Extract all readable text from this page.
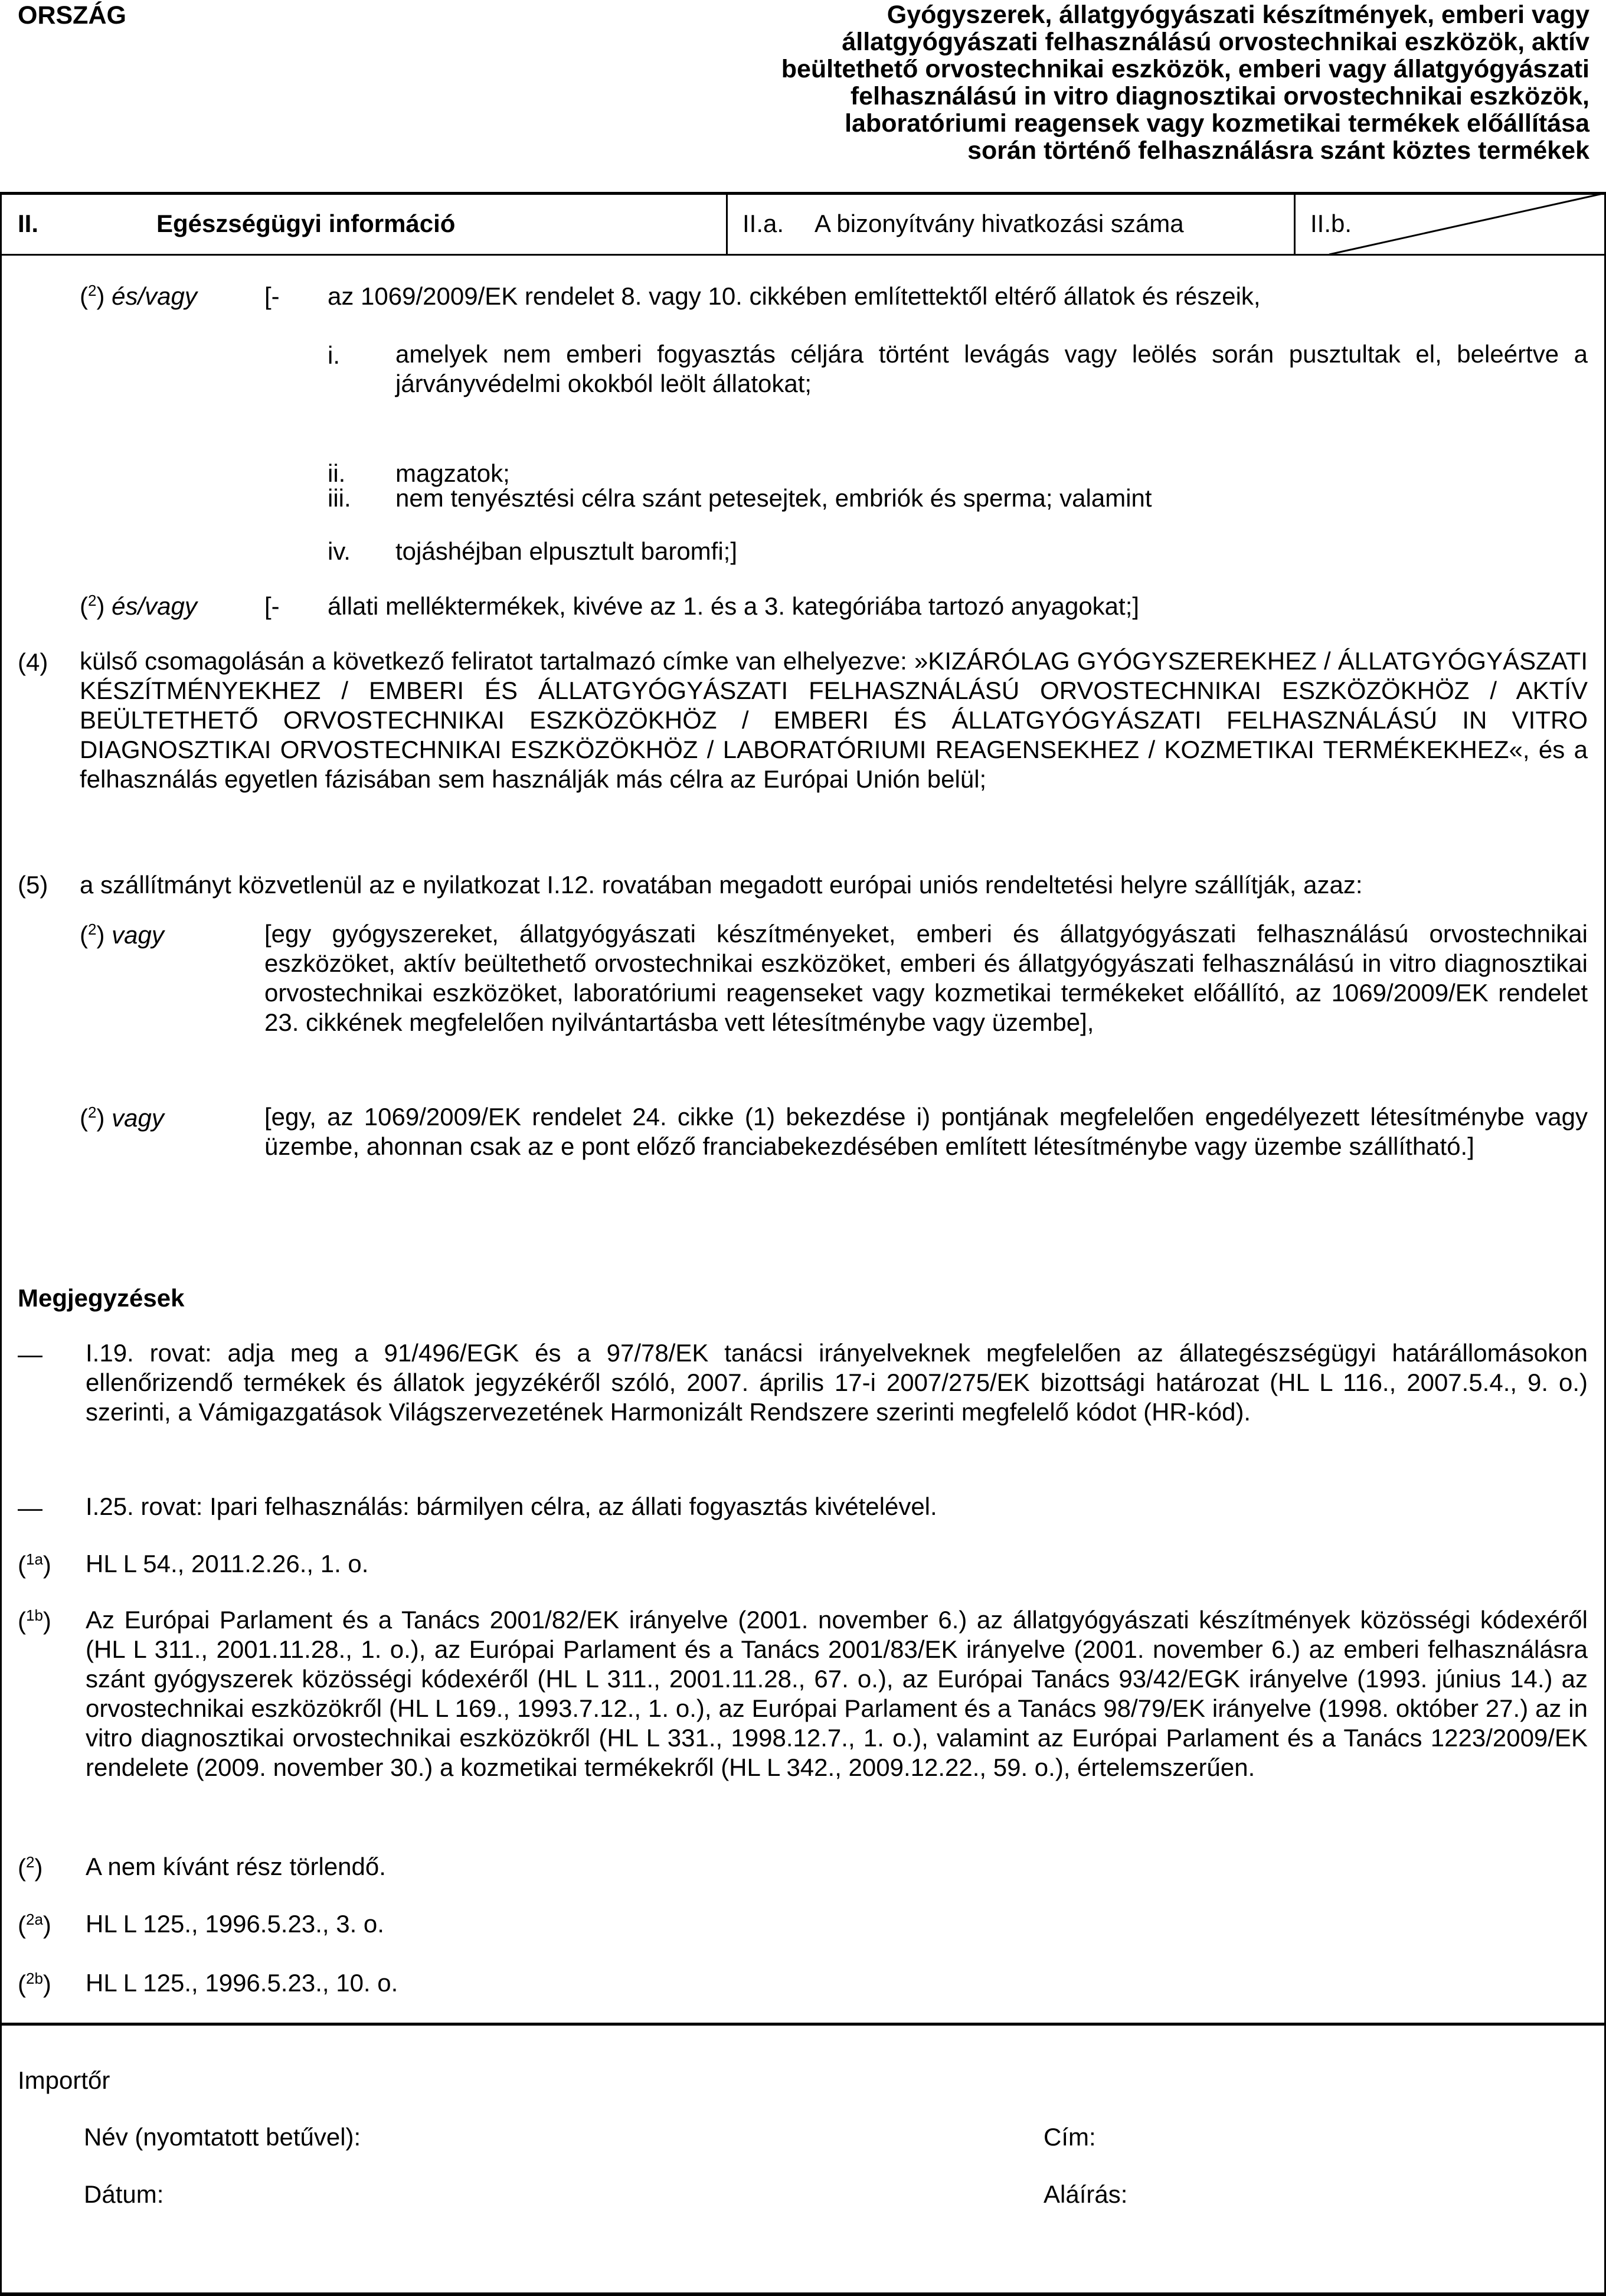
ORSZÁG	Gyógyszerek, állatgyógyászati készítmények, emberi vagy
állatgyógyászati felhasználású orvostechnikai eszközök, aktív
beültethető orvostechnikai eszközök, emberi vagy állatgyógyászati
felhasználású in vitro diagnosztikai orvostechnikai eszközök,
laboratóriumi reagensek vagy kozmetikai termékek előállítása
során történő felhasználásra szánt köztes termékek
II.	Egészségügyi információ	II.a. A bizonyítvány hivatkozási száma	II.b.
($^2$) és/vagy	[- az 1069/2009/EK rendelet 8. vagy 10. cikkében említettektől eltérő állatok és részeik,
i. amelyek nem emberi fogyasztás céljára történt levágás vagy leölés során pusztultak el, beleértve a járványvédelmi okokból leölt állatokat;
ii. magzatok;
iii. nem tenyésztési célra szánt petesejtek, embriók és sperma; valamint
iv. tojáshéjban elpusztult baromfi;]
($^2$) és/vagy	[- állati melléktermékek, kivéve az 1. és a 3. kategóriába tartozó anyagokat;]
(4) külső csomagolásán a következő feliratot tartalmazó címke van elhelyezve: »KIZÁRÓLAG GYÓGYSZEREKHEZ / ÁLLATGYÓGYÁSZATI KÉSZÍTMÉNYEKHEZ / EMBERI ÉS ÁLLATGYÓGYÁSZATI FELHASZNÁLÁSÚ ORVOSTECHNIKAI ESZKÖZÖKHÖZ / AKTÍV BEÜLTETHETŐ ORVOSTECHNIKAI ESZKÖZÖKHÖZ / EMBERI ÉS ÁLLATGYÓGYÁSZATI FELHASZNÁLÁSÚ IN VITRO DIAGNOSZTIKAI ORVOSTECHNIKAI ESZKÖZÖKHÖZ / LABORATÓRIUMI REAGENSEKHEZ / KOZMETIKAI TERMÉKEKHEZ«, és a felhasználás egyetlen fázisában sem használják más célra az Európai Unión belül;
(5) a szállítmányt közvetlenül az e nyilatkozat I.12. rovatában megadott európai uniós rendeltetési helyre szállítják, azaz:
($^2$) vagy	[egy gyógyszereket, állatgyógyászati készítményeket, emberi és állatgyógyászati felhasználású orvostechnikai eszközöket, aktív beültethető orvostechnikai eszközöket, emberi és állatgyógyászati felhasználású in vitro diagnosztikai orvostechnikai eszközöket, laboratóriumi reagenseket vagy kozmetikai termékeket előállító, az 1069/2009/EK rendelet 23. cikkének megfelelően nyilvántartásba vett létesítménybe vagy üzembe],
($^2$) vagy	[egy, az 1069/2009/EK rendelet 24. cikke (1) bekezdése i) pontjának megfelelően engedélyezett létesítménybe vagy üzembe, ahonnan csak az e pont előző franciabekezdésében említett létesítménybe vagy üzembe szállítható.]
Megjegyzések
— I.19. rovat: adja meg a 91/496/EGK és a 97/78/EK tanácsi irányelveknek megfelelően az állategészségügyi határállomásokon ellenőrizendő termékek és állatok jegyzékéről szóló, 2007. április 17-i 2007/275/EK bizottsági határozat (HL L 116., 2007.5.4., 9. o.) szerinti, a Vámigazgatások Világszervezetének Harmonizált Rendszere szerinti megfelelő kódot (HR-kód).
— I.25. rovat: Ipari felhasználás: bármilyen célra, az állati fogyasztás kivételével.
($^{1a}$) HL L 54., 2011.2.26., 1. o.
($^{1b}$) Az Európai Parlament és a Tanács 2001/82/EK irányelve (2001. november 6.) az állatgyógyászati készítmények közösségi kódexéről (HL L 311., 2001.11.28., 1. o.), az Európai Parlament és a Tanács 2001/83/EK irányelve (2001. november 6.) az emberi felhasználásra szánt gyógyszerek közösségi kódexéről (HL L 311., 2001.11.28., 67. o.), az Európai Tanács 93/42/EGK irányelve (1993. június 14.) az orvostechnikai eszközökről (HL L 169., 1993.7.12., 1. o.), az Európai Parlament és a Tanács 98/79/EK irányelve (1998. október 27.) az in vitro diagnosztikai orvostechnikai eszközökről (HL L 331., 1998.12.7., 1. o.), valamint az Európai Parlament és a Tanács 1223/2009/EK rendelete (2009. november 30.) a kozmetikai termékekről (HL L 342., 2009.12.22., 59. o.), értelemszerűen.
($^2$) A nem kívánt rész törlendő.
($^{2a}$) HL L 125., 1996.5.23., 3. o.
($^{2b}$) HL L 125., 1996.5.23., 10. o.
Importőr
Név (nyomtatott betűvel):	Cím:
Dátum:	Aláírás:
